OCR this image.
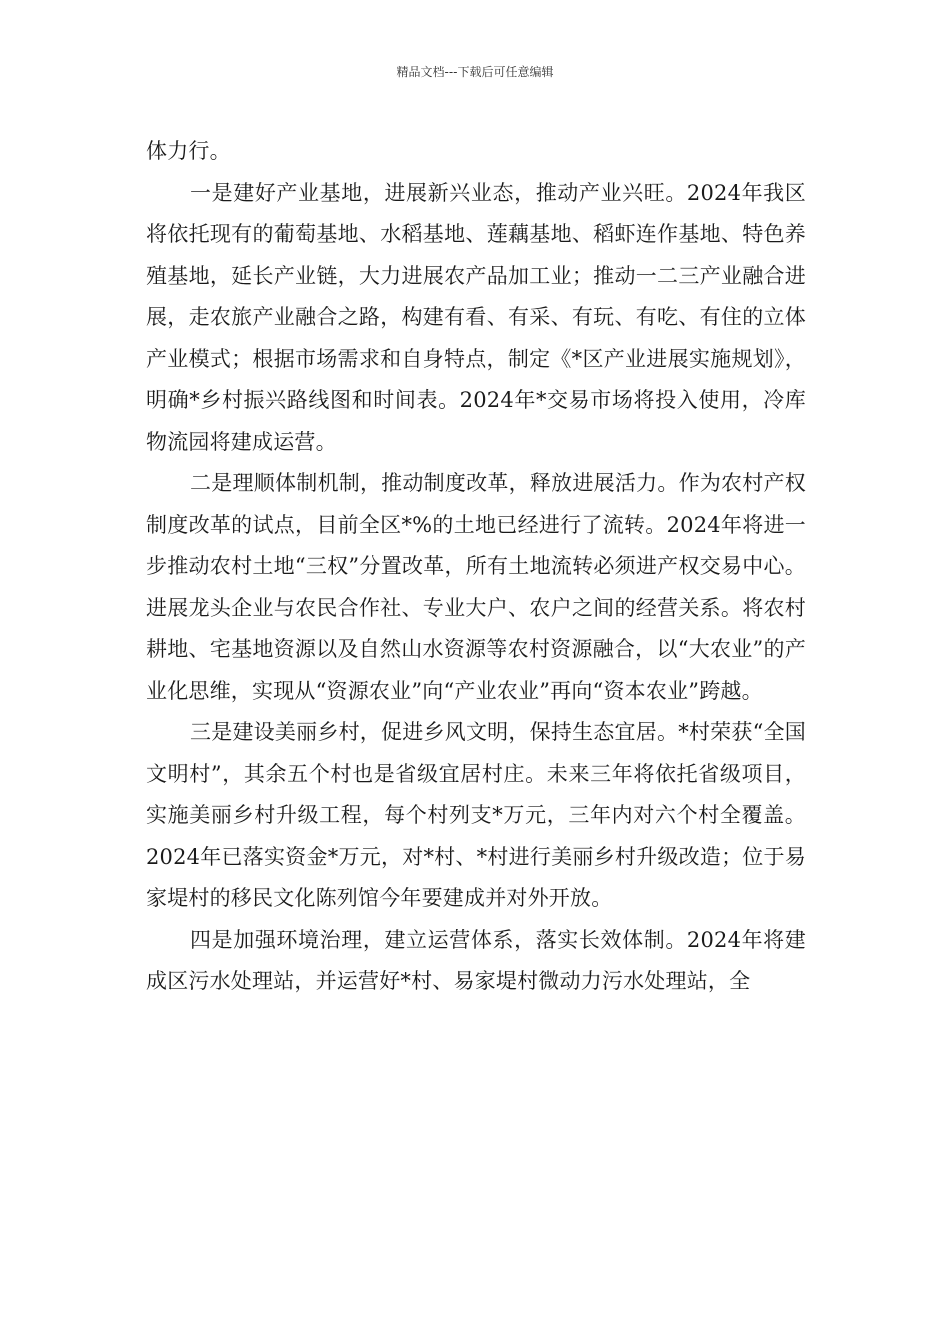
精品文档---下载后可任意编辑

体力行。

一是建好产业基地，进展新兴业态，推动产业兴旺。2024年我区将依托现有的葡萄基地、水稻基地、莲藕基地、稻虾连作基地、特色养殖基地，延长产业链，大力进展农产品加工业；推动一二三产业融合进展，走农旅产业融合之路，构建有看、有采、有玩、有吃、有住的立体产业模式；根据市场需求和自身特点，制定《*区产业进展实施规划》，明确*乡村振兴路线图和时间表。2024年*交易市场将投入使用，冷库物流园将建成运营。

二是理顺体制机制，推动制度改革，释放进展活力。作为农村产权制度改革的试点，目前全区*%的土地已经进行了流转。2024年将进一步推动农村土地“三权”分置改革，所有土地流转必须进产权交易中心。进展龙头企业与农民合作社、专业大户、农户之间的经营关系。将农村耕地、宅基地资源以及自然山水资源等农村资源融合，以“大农业”的产业化思维，实现从“资源农业”向“产业农业”再向“资本农业”跨越。

三是建设美丽乡村，促进乡风文明，保持生态宜居。*村荣获“全国文明村”，其余五个村也是省级宜居村庄。未来三年将依托省级项目，实施美丽乡村升级工程，每个村列支*万元，三年内对六个村全覆盖。2024年已落实资金*万元，对*村、*村进行美丽乡村升级改造；位于易家堤村的移民文化陈列馆今年要建成并对外开放。

四是加强环境治理，建立运营体系，落实长效体制。2024年将建成区污水处理站，并运营好*村、易家堤村微动力污水处理站，全
